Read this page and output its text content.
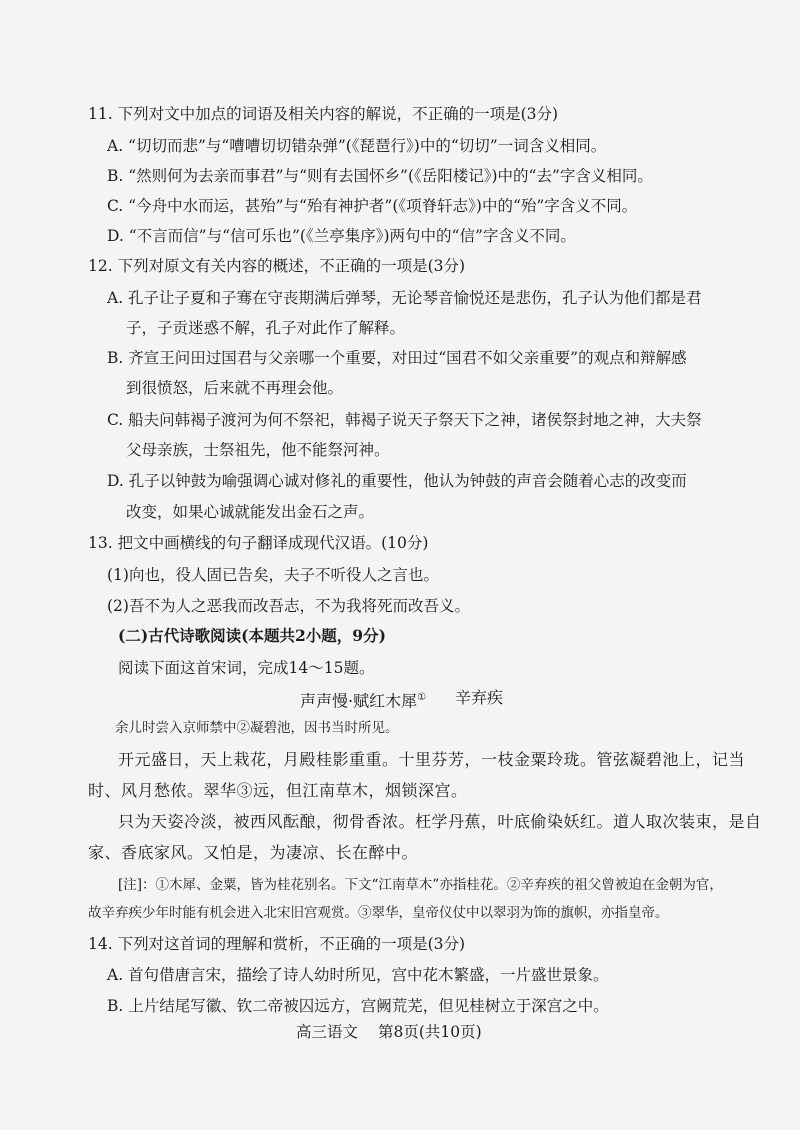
11. 下列对文中加点的词语及相关内容的解说，不正确的一项是(3分)
A. “切切而悲”与“嘈嘈切切错杂弹”(《琵琶行》)中的“切切”一词含义相同。
B. “然则何为去亲而事君”与“则有去国怀乡”(《岳阳楼记》)中的“去”字含义相同。
C. “今舟中水而运，甚殆”与“殆有神护者”(《项脊轩志》)中的“殆”字含义不同。
D. “不言而信”与“信可乐也”(《兰亭集序》)两句中的“信”字含义不同。
12. 下列对原文有关内容的概述，不正确的一项是(3分)
A. 孔子让子夏和子骞在守丧期满后弹琴，无论琴音愉悦还是悲伤，孔子认为他们都是君
子，子贡迷惑不解，孔子对此作了解释。
B. 齐宣王问田过国君与父亲哪一个重要，对田过“国君不如父亲重要”的观点和辩解感
到很愤怒，后来就不再理会他。
C. 船夫问韩褐子渡河为何不祭祀，韩褐子说天子祭天下之神，诸侯祭封地之神，大夫祭
父母亲族，士祭祖先，他不能祭河神。
D. 孔子以钟鼓为喻强调心诚对修礼的重要性，他认为钟鼓的声音会随着心志的改变而
改变，如果心诚就能发出金石之声。
13. 把文中画横线的句子翻译成现代汉语。(10分)
(1)向也，役人固已告矣，夫子不听役人之言也。
(2)吾不为人之恶我而改吾志，不为我将死而改吾义。
(二)古代诗歌阅读(本题共2小题，9分)
阅读下面这首宋词，完成14～15题。
声声慢·赋红木犀① 辛弃疾
余儿时尝入京师禁中②凝碧池，因书当时所见。
开元盛日，天上栽花，月殿桂影重重。十里芬芳，一枝金粟玲珑。管弦凝碧池上，记当
时、风月愁侬。翠华③远，但江南草木，烟锁深宫。
只为天姿冷淡，被西风酝酿，彻骨香浓。枉学丹蕉，叶底偷染妖红。道人取次装束，是自
家、香底家风。又怕是，为凄凉、长在醉中。
[注]：①木犀、金粟，皆为桂花别名。下文“江南草木”亦指桂花。②辛弃疾的祖父曾被迫在金朝为官，
故辛弃疾少年时能有机会进入北宋旧宫观赏。③翠华，皇帝仪仗中以翠羽为饰的旗帜，亦指皇帝。
14. 下列对这首词的理解和赏析，不正确的一项是(3分)
A. 首句借唐言宋，描绘了诗人幼时所见，宫中花木繁盛，一片盛世景象。
B. 上片结尾写徽、钦二帝被囚远方，宫阙荒芜，但见桂树立于深宫之中。
高三语文 第8页(共10页)
